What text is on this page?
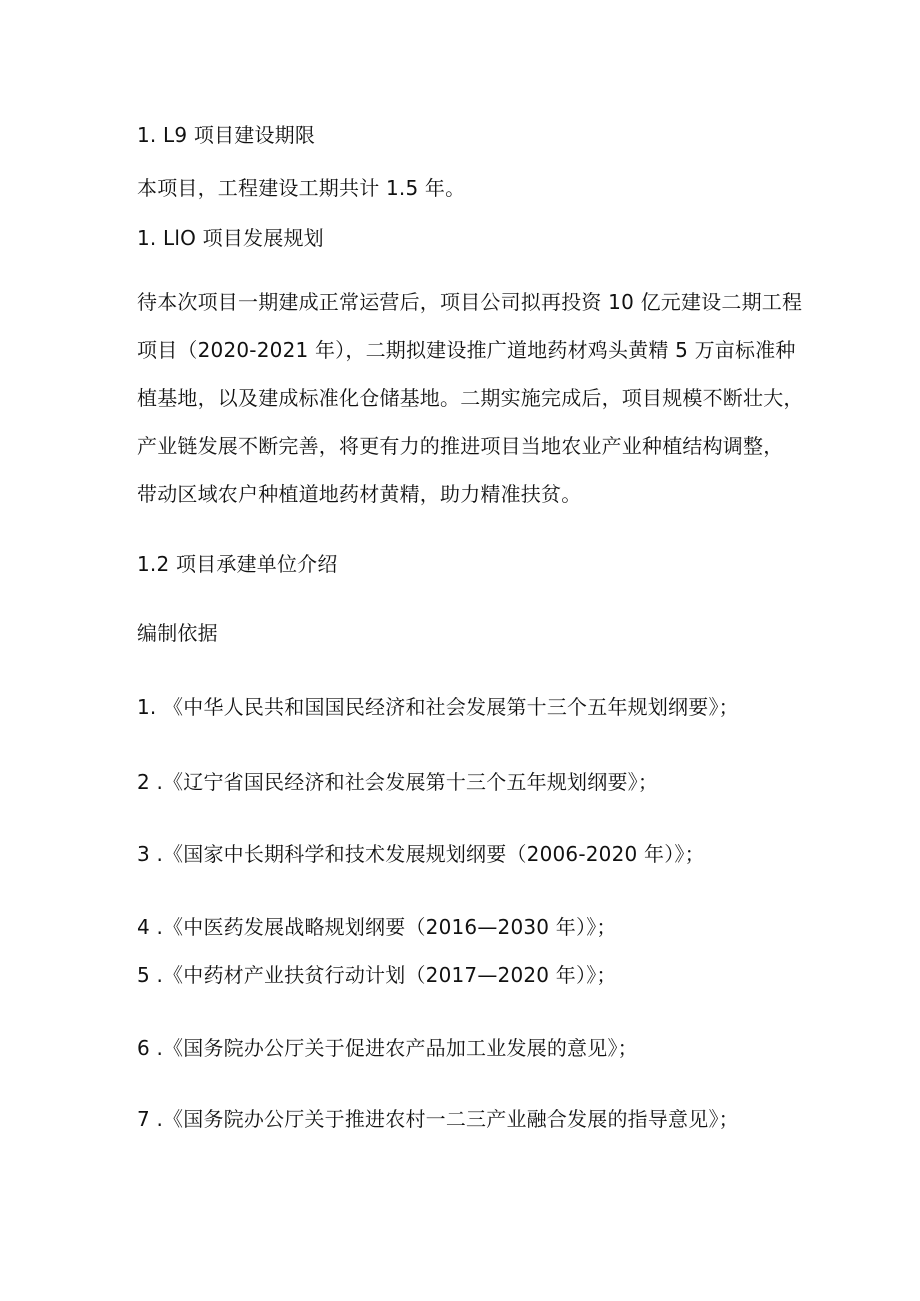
1. L9 项目建设期限
本项目，工程建设工期共计 1.5 年。
1. LlO 项目发展规划
待本次项目一期建成正常运营后，项目公司拟再投资 10 亿元建设二期工程
项目（2020-2021 年），二期拟建设推广道地药材鸡头黄精 5 万亩标准种
植基地，以及建成标准化仓储基地。二期实施完成后，项目规模不断壮大，
产业链发展不断完善，将更有力的推进项目当地农业产业种植结构调整，
带动区域农户种植道地药材黄精，助力精准扶贫。
1.2 项目承建单位介绍
编制依据
1. 《中华人民共和国国民经济和社会发展第十三个五年规划纲要》；
2 .《辽宁省国民经济和社会发展第十三个五年规划纲要》；
3 .《国家中长期科学和技术发展规划纲要（2006-2020 年）》；
4 .《中医药发展战略规划纲要（2016—2030 年）》；
5 .《中药材产业扶贫行动计划（2017—2020 年）》；
6 .《国务院办公厅关于促进农产品加工业发展的意见》；
7 .《国务院办公厅关于推进农村一二三产业融合发展的指导意见》；
